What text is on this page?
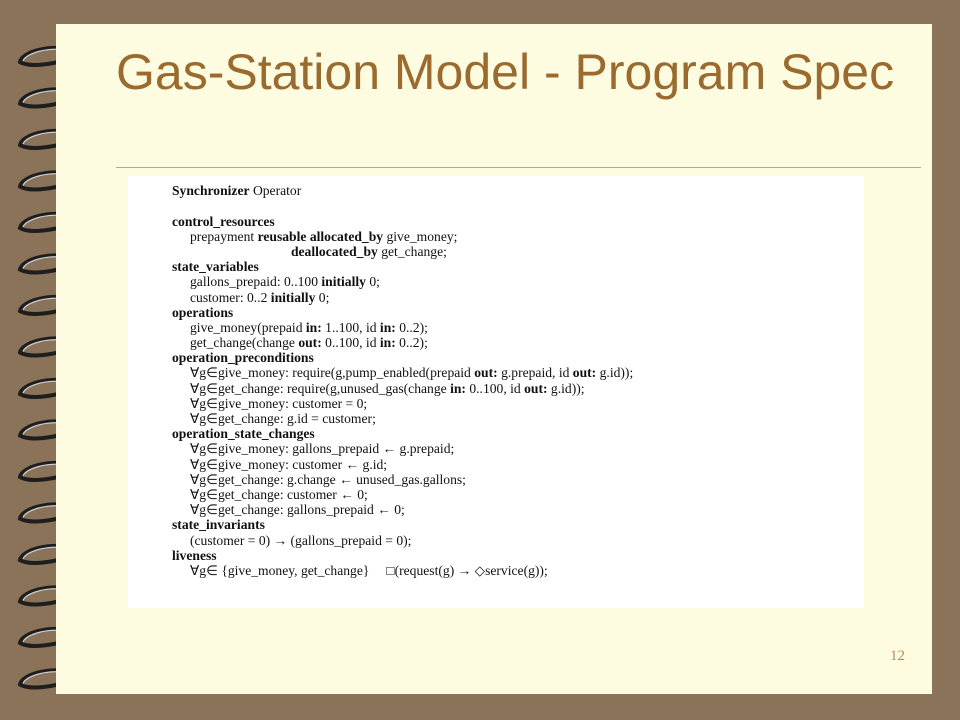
Gas-Station Model - Program Spec
Synchronizer Operator
control_resources
prepayment reusable allocated_by give_money;
deallocated_by get_change;
state_variables
gallons_prepaid: 0..100 initially 0;
customer: 0..2 initially 0;
operations
give_money(prepaid in: 1..100, id in: 0..2);
get_change(change out: 0..100, id in: 0..2);
operation_preconditions
∀g∈give_money: require(g,pump_enabled(prepaid out: g.prepaid, id out: g.id));
∀g∈get_change: require(g,unused_gas(change in: 0..100, id out: g.id));
∀g∈give_money: customer = 0;
∀g∈get_change: g.id = customer;
operation_state_changes
∀g∈give_money: gallons_prepaid ← g.prepaid;
∀g∈give_money: customer ← g.id;
∀g∈get_change: g.change ← unused_gas.gallons;
∀g∈get_change: customer ← 0;
∀g∈get_change: gallons_prepaid ← 0;
state_invariants
(customer = 0) → (gallons_prepaid = 0);
liveness
∀g∈ {give_money, get_change}     □(request(g) → ◇service(g));
12
